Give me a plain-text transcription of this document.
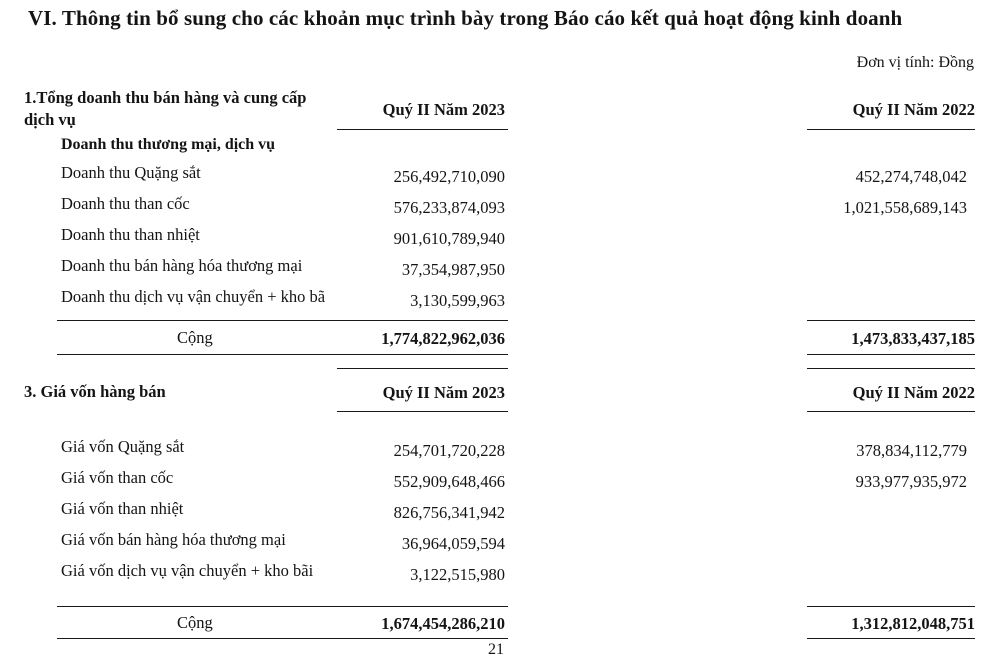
VI. Thông tin bổ sung cho các khoản mục trình bày trong Báo cáo kết quả hoạt động kinh doanh
Đơn vị tính: Đồng
1.Tổng doanh thu bán hàng và cung cấp
dịch vụ
Quý II Năm 2023	Quý II Năm 2022
Doanh thu thương mại, dịch vụ
Doanh thu Quặng sắt	256,492,710,090	452,274,748,042
Doanh thu than cốc	576,233,874,093	1,021,558,689,143
Doanh thu than nhiệt	901,610,789,940
Doanh thu bán hàng hóa thương mại	37,354,987,950
Doanh thu dịch vụ vận chuyển + kho bã	3,130,599,963
Cộng	1,774,822,962,036	1,473,833,437,185
3. Giá vốn hàng bán	Quý II Năm 2023	Quý II Năm 2022
Giá vốn Quặng sắt	254,701,720,228	378,834,112,779
Giá vốn than cốc	552,909,648,466	933,977,935,972
Giá vốn than nhiệt	826,756,341,942
Giá vốn bán hàng hóa thương mại	36,964,059,594
Giá vốn dịch vụ vận chuyển + kho bãi	3,122,515,980
Cộng	1,674,454,286,210	1,312,812,048,751
21
